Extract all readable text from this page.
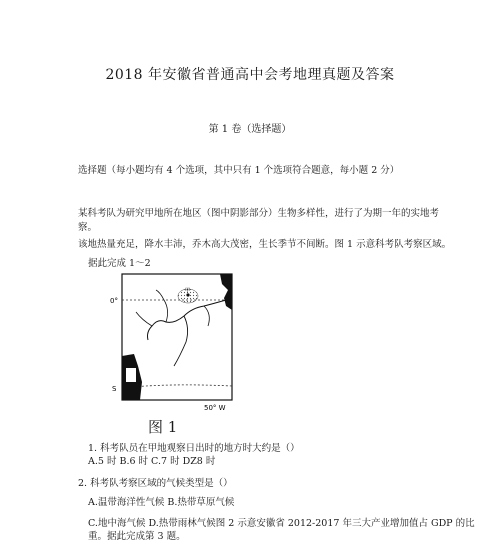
2018 年安徽省普通高中会考地理真题及答案
第 1 卷（选择题）
选择题（每小题均有 4 个选项，其中只有 1 个选项符合题意，每小题 2 分）
某科考队为研究甲地所在地区（图中阴影部分）生物多样性，进行了为期一年的实地考
察。
该地热量充足，降水丰沛，乔木高大茂密，生长季节不间断。图 1 示意科考队考察区域。
据此完成 1～2
0°
S
50° W
甲
图 1
1. 科考队员在甲地观察日出时的地方时大约是（）
A.5 时 B.6 时 C.7 时 DZ8 时
2. 科考队考察区域的气候类型是（）
A.温带海洋性气候 B.热带草原气候
C.地中海气候 D.热带雨林气候图 2 示意安徽省 2012-2017 年三大产业增加值占 GDP 的比
重。据此完成第 3 题。
